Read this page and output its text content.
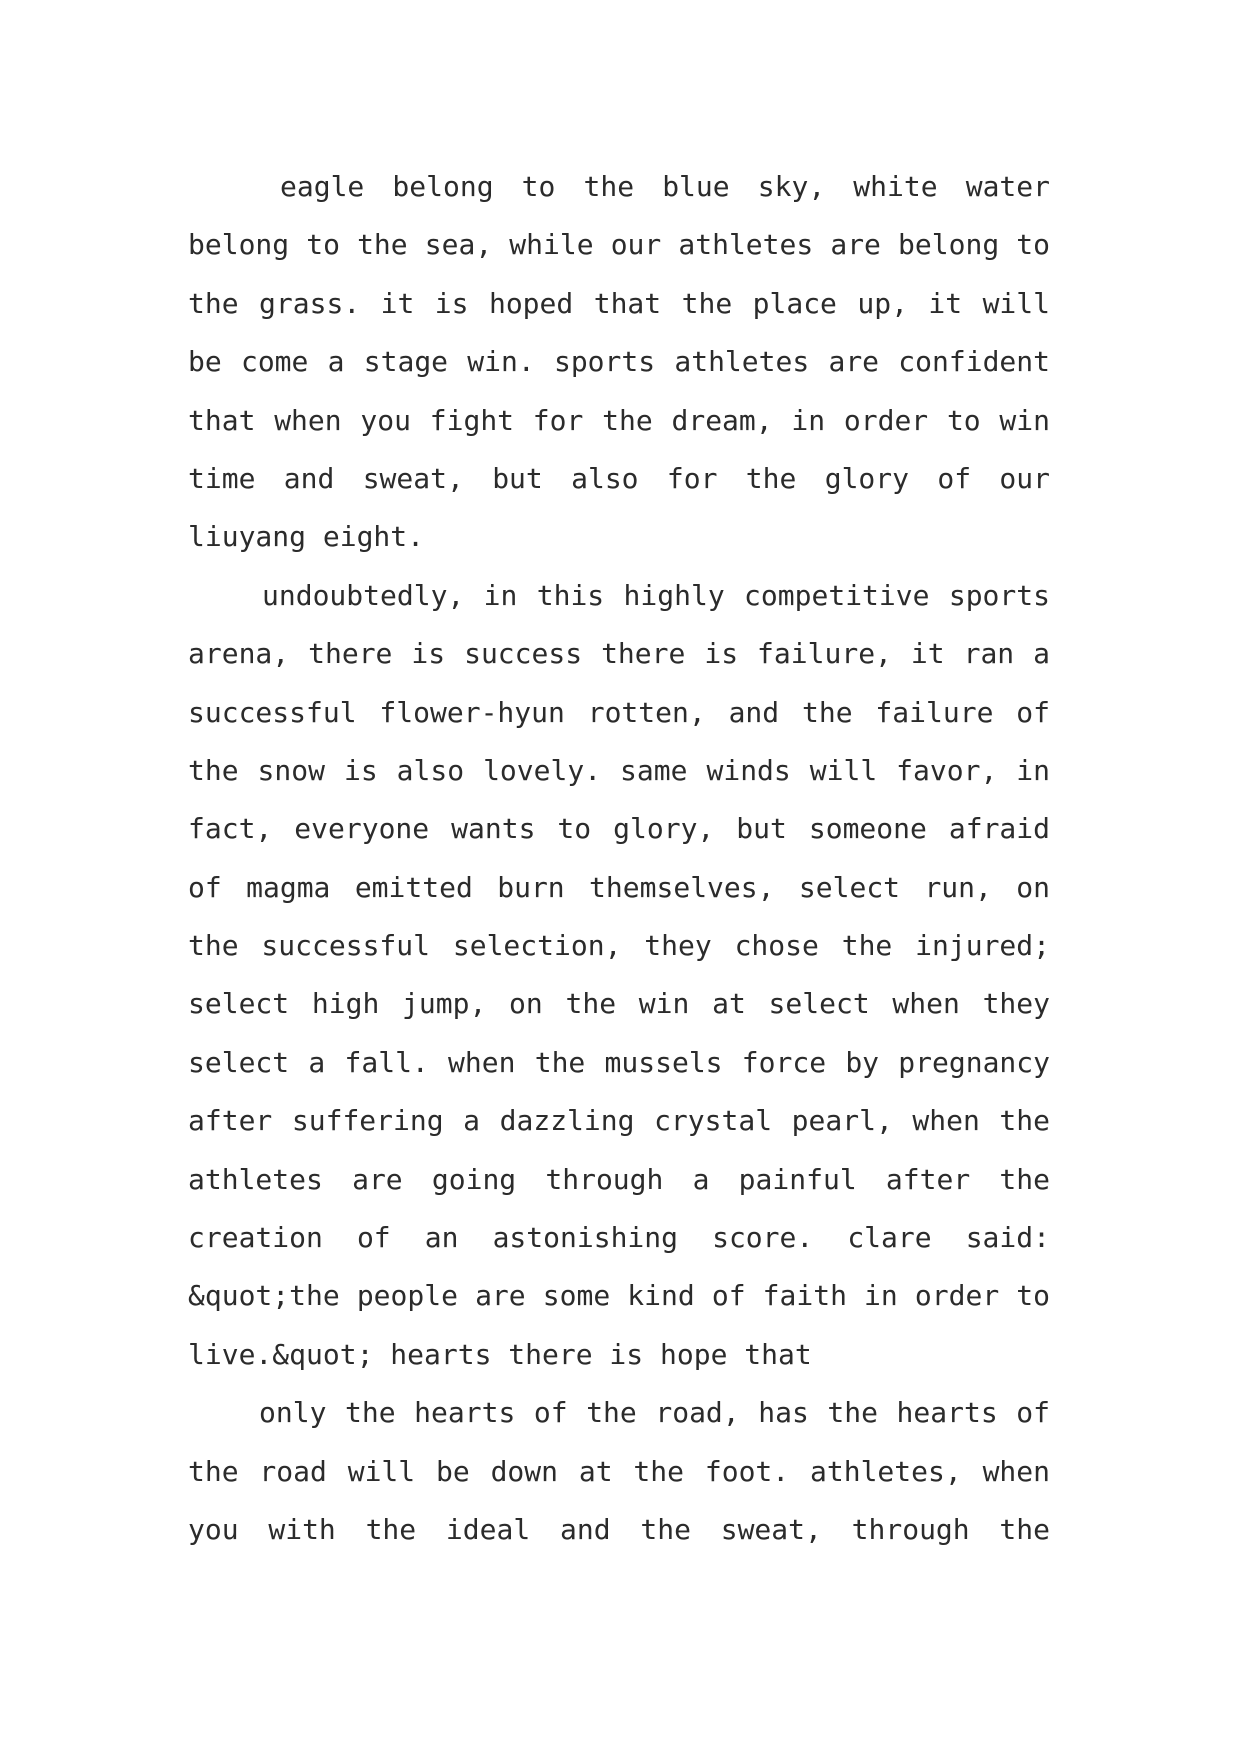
eagle belong to the blue sky, white water
belong to the sea, while our athletes are belong to
the grass. it is hoped that the place up, it will
be come a stage win. sports athletes are confident
that when you fight for the dream, in order to win
time and sweat, but also for the glory of our
liuyang eight.
undoubtedly, in this highly competitive sports
arena, there is success there is failure, it ran a
successful flower-hyun rotten, and the failure of
the snow is also lovely. same winds will favor, in
fact, everyone wants to glory, but someone afraid
of magma emitted burn themselves, select run, on
the successful selection, they chose the injured;
select high jump, on the win at select when they
select a fall. when the mussels force by pregnancy
after suffering a dazzling crystal pearl, when the
athletes are going through a painful after the
creation of an astonishing score. clare said:
&quot;the people are some kind of faith in order to
live.&quot; hearts there is hope that
only the hearts of the road, has the hearts of
the road will be down at the foot. athletes, when
you with the ideal and the sweat, through the
